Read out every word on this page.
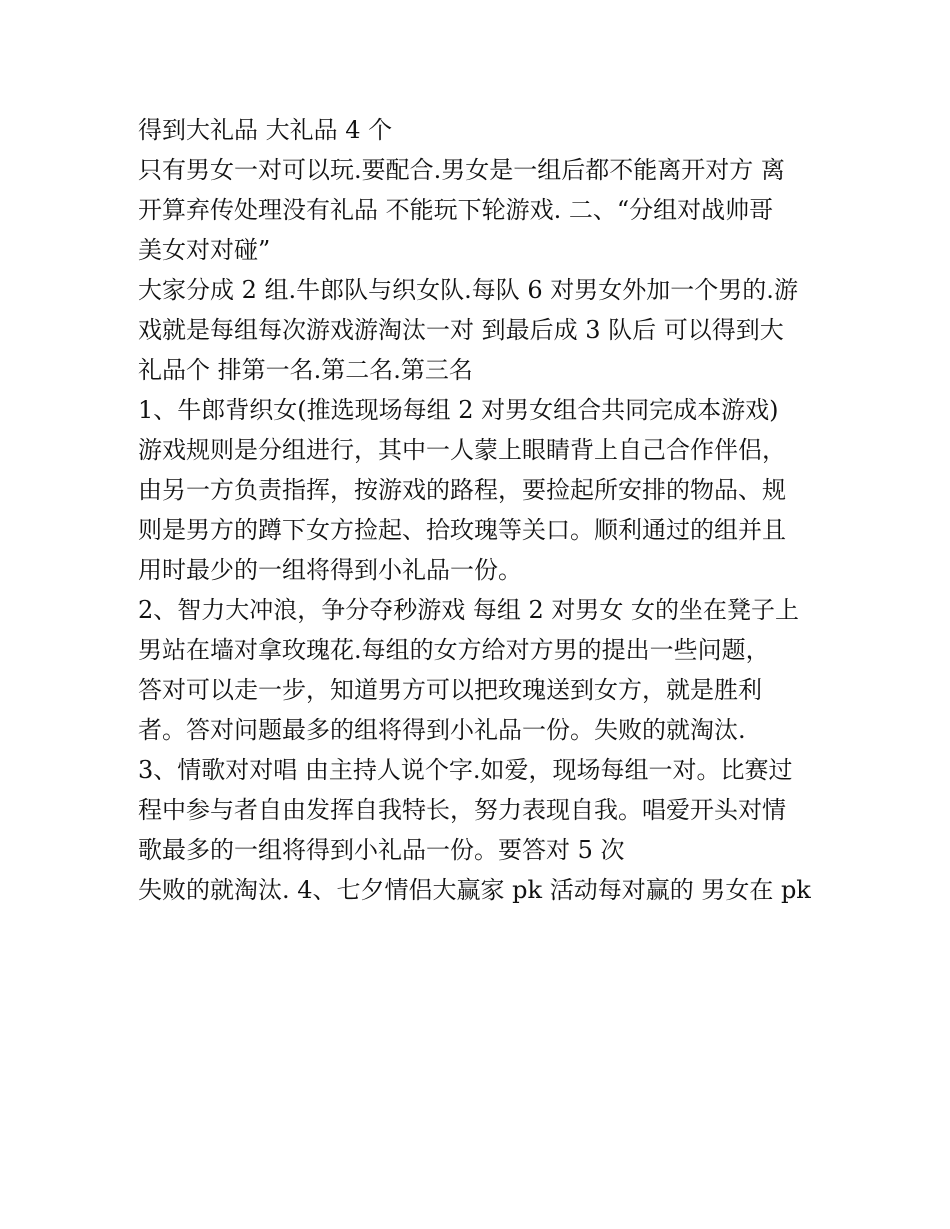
得到大礼品 大礼品 4 个
只有男女一对可以玩.要配合.男女是一组后都不能离开对方 离
开算弃传处理没有礼品 不能玩下轮游戏. 二、“分组对战帅哥
美女对对碰”
大家分成 2 组.牛郎队与织女队.每队 6 对男女外加一个男的.游
戏就是每组每次游戏游淘汰一对 到最后成 3 队后 可以得到大
礼品个 排第一名.第二名.第三名
1、牛郎背织女(推选现场每组 2 对男女组合共同完成本游戏)
游戏规则是分组进行，其中一人蒙上眼睛背上自己合作伴侣，
由另一方负责指挥，按游戏的路程，要捡起所安排的物品、规
则是男方的蹲下女方捡起、拾玫瑰等关口。顺利通过的组并且
用时最少的一组将得到小礼品一份。
2、智力大冲浪，争分夺秒游戏 每组 2 对男女 女的坐在凳子上
男站在墙对拿玫瑰花.每组的女方给对方男的提出一些问题，
答对可以走一步，知道男方可以把玫瑰送到女方，就是胜利
者。答对问题最多的组将得到小礼品一份。失败的就淘汰.
3、情歌对对唱 由主持人说个字.如爱，现场每组一对。比赛过
程中参与者自由发挥自我特长，努力表现自我。唱爱开头对情
歌最多的一组将得到小礼品一份。要答对 5 次
失败的就淘汰. 4、七夕情侣大赢家 pk 活动每对赢的 男女在 pk
